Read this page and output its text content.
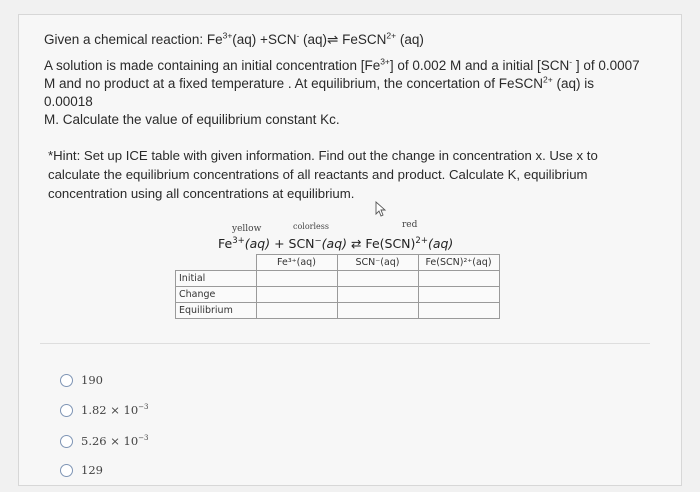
Given a chemical reaction: $Fe^{3+}(aq) +SCN^-$ (aq)⇌ FeSCN$^{2+}$ (aq)
A solution is made containing an initial concentration $[Fe^{3+}]$ of 0.002 M and a initial [SCN- ] of 0.0007
M and no product at a fixed temperature . At equilibrium, the concertation of FeSCN$^{2+}$ (aq) is 0.00018
M. Calculate the value of equilibrium constant Kc.
*Hint: Set up ICE table with given information. Find out the change in concentration x. Use x to
calculate the equilibrium concentrations of all reactants and product. Calculate K, equilibrium
concentration using all concentrations at equilibrium.
yellow	colorless	red
$Fe^{3+}(aq) + SCN^-(aq)$ ⇄ Fe(SCN)$^{2+}$(aq)
	Fe³⁺(aq)	SCN⁻(aq)	Fe(SCN)²⁺(aq)
Initial			
Change			
Equilibrium			
190
$1.82 \times 10^{-3}$
$5.26 \times 10^{-3}$
129
